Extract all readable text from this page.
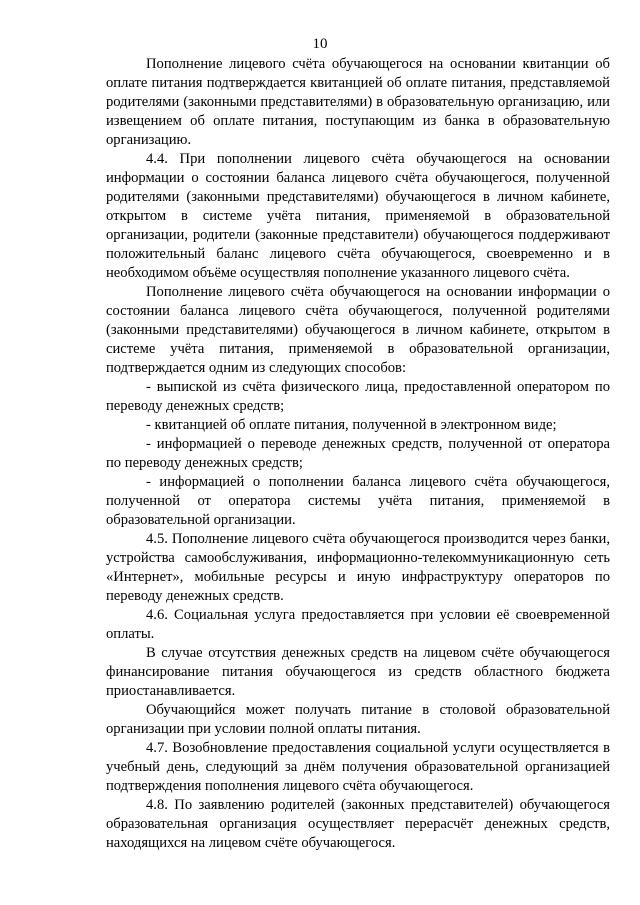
10

Пополнение лицевого счёта обучающегося на основании квитанции об оплате питания подтверждается квитанцией об оплате питания, представляемой родителями (законными представителями) в образовательную организацию, или извещением об оплате питания, поступающим из банка в образовательную организацию.

4.4. При пополнении лицевого счёта обучающегося на основании информации о состоянии баланса лицевого счёта обучающегося, полученной родителями (законными представителями) обучающегося в личном кабинете, открытом в системе учёта питания, применяемой в образовательной организации, родители (законные представители) обучающегося поддерживают положительный баланс лицевого счёта обучающегося, своевременно и в необходимом объёме осуществляя пополнение указанного лицевого счёта.

Пополнение лицевого счёта обучающегося на основании информации о состоянии баланса лицевого счёта обучающегося, полученной родителями (законными представителями) обучающегося в личном кабинете, открытом в системе учёта питания, применяемой в образовательной организации, подтверждается одним из следующих способов:

- выпиской из счёта физического лица, предоставленной оператором по переводу денежных средств;

- квитанцией об оплате питания, полученной в электронном виде;

- информацией о переводе денежных средств, полученной от оператора по переводу денежных средств;

- информацией о пополнении баланса лицевого счёта обучающегося, полученной от оператора системы учёта питания, применяемой в образовательной организации.

4.5. Пополнение лицевого счёта обучающегося производится через банки, устройства самообслуживания, информационно-телекоммуникационную сеть «Интернет», мобильные ресурсы и иную инфраструктуру операторов по переводу денежных средств.

4.6. Социальная услуга предоставляется при условии её своевременной оплаты.

В случае отсутствия денежных средств на лицевом счёте обучающегося финансирование питания обучающегося из средств областного бюджета приостанавливается.

Обучающийся может получать питание в столовой образовательной организации при условии полной оплаты питания.

4.7. Возобновление предоставления социальной услуги осуществляется в учебный день, следующий за днём получения образовательной организацией подтверждения пополнения лицевого счёта обучающегося.

4.8. По заявлению родителей (законных представителей) обучающегося образовательная организация осуществляет перерасчёт денежных средств, находящихся на лицевом счёте обучающегося.
